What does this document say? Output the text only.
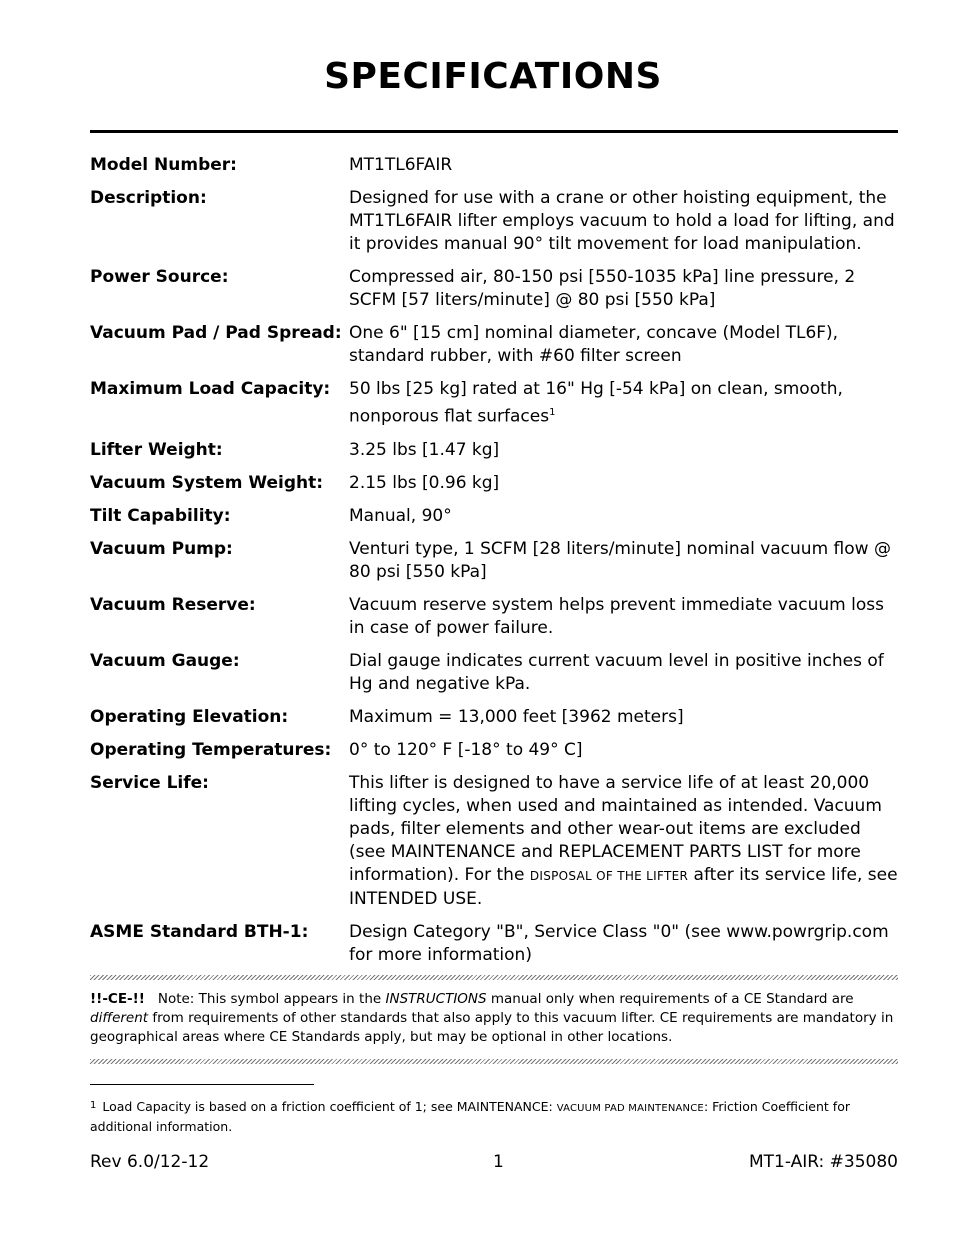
SPECIFICATIONS
Model Number:	MT1TL6FAIR
Description:	Designed for use with a crane or other hoisting equipment, the MT1TL6FAIR lifter employs vacuum to hold a load for lifting, and it provides manual 90° tilt movement for load manipulation.
Power Source:	Compressed air, 80-150 psi [550-1035 kPa] line pressure, 2 SCFM [57 liters/minute] @ 80 psi [550 kPa]
Vacuum Pad / Pad Spread: One 6" [15 cm] nominal diameter, concave (Model TL6F), standard rubber, with #60 filter screen
Maximum Load Capacity:	50 lbs [25 kg] rated at 16" Hg [-54 kPa] on clean, smooth, nonporous flat surfaces$^1$
Lifter Weight:	3.25 lbs [1.47 kg]
Vacuum System Weight:	2.15 lbs [0.96 kg]
Tilt Capability:	Manual, 90°
Vacuum Pump:	Venturi type, 1 SCFM [28 liters/minute] nominal vacuum flow @ 80 psi [550 kPa]
Vacuum Reserve:	Vacuum reserve system helps prevent immediate vacuum loss in case of power failure.
Vacuum Gauge:	Dial gauge indicates current vacuum level in positive inches of Hg and negative kPa.
Operating Elevation:	Maximum = 13,000 feet [3962 meters]
Operating Temperatures:	0° to 120° F [-18° to 49° C]
Service Life:	This lifter is designed to have a service life of at least 20,000 lifting cycles, when used and maintained as intended. Vacuum pads, filter elements and other wear-out items are excluded (see MAINTENANCE and REPLACEMENT PARTS LIST for more information). For the DISPOSAL OF THE LIFTER after its service life, see INTENDED USE.
ASME Standard BTH-1:	Design Category "B", Service Class "0" (see www.powrgrip.com for more information)
!!-CE-!! Note: This symbol appears in the INSTRUCTIONS manual only when requirements of a CE Standard are different from requirements of other standards that also apply to this vacuum lifter. CE requirements are mandatory in geographical areas where CE Standards apply, but may be optional in other locations.
$^1$ Load Capacity is based on a friction coefficient of 1; see MAINTENANCE: VACUUM PAD MAINTENANCE: Friction Coefficient for additional information.
Rev 6.0/12-12	1	MT1-AIR: #35080
